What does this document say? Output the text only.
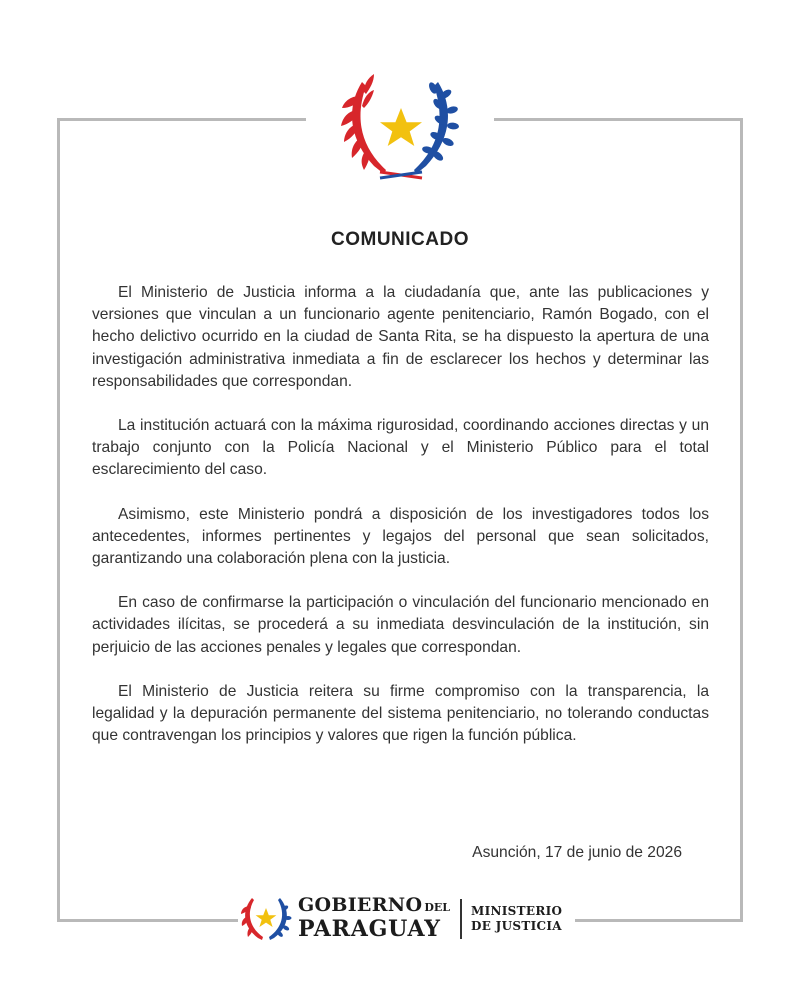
COMUNICADO

El Ministerio de Justicia informa a la ciudadanía que, ante las publicaciones y versiones que vinculan a un funcionario agente penitenciario, Ramón Bogado, con el hecho delictivo ocurrido en la ciudad de Santa Rita, se ha dispuesto la apertura de una investigación administrativa inmediata a fin de esclarecer los hechos y determinar las responsabilidades que correspondan.

La institución actuará con la máxima rigurosidad, coordinando acciones directas y un trabajo conjunto con la Policía Nacional y el Ministerio Público para el total esclarecimiento del caso.

Asimismo, este Ministerio pondrá a disposición de los investigadores todos los antecedentes, informes pertinentes y legajos del personal que sean solicitados, garantizando una colaboración plena con la justicia.

En caso de confirmarse la participación o vinculación del funcionario mencionado en actividades ilícitas, se procederá a su inmediata desvinculación de la institución, sin perjuicio de las acciones penales y legales que correspondan.

El Ministerio de Justicia reitera su firme compromiso con la transparencia, la legalidad y la depuración permanente del sistema penitenciario, no tolerando conductas que contravengan los principios y valores que rigen la función pública.

Asunción, 17 de junio de 2026
GOBIERNO DEL
PARAGUAY
MINISTERIO
DE JUSTICIA
